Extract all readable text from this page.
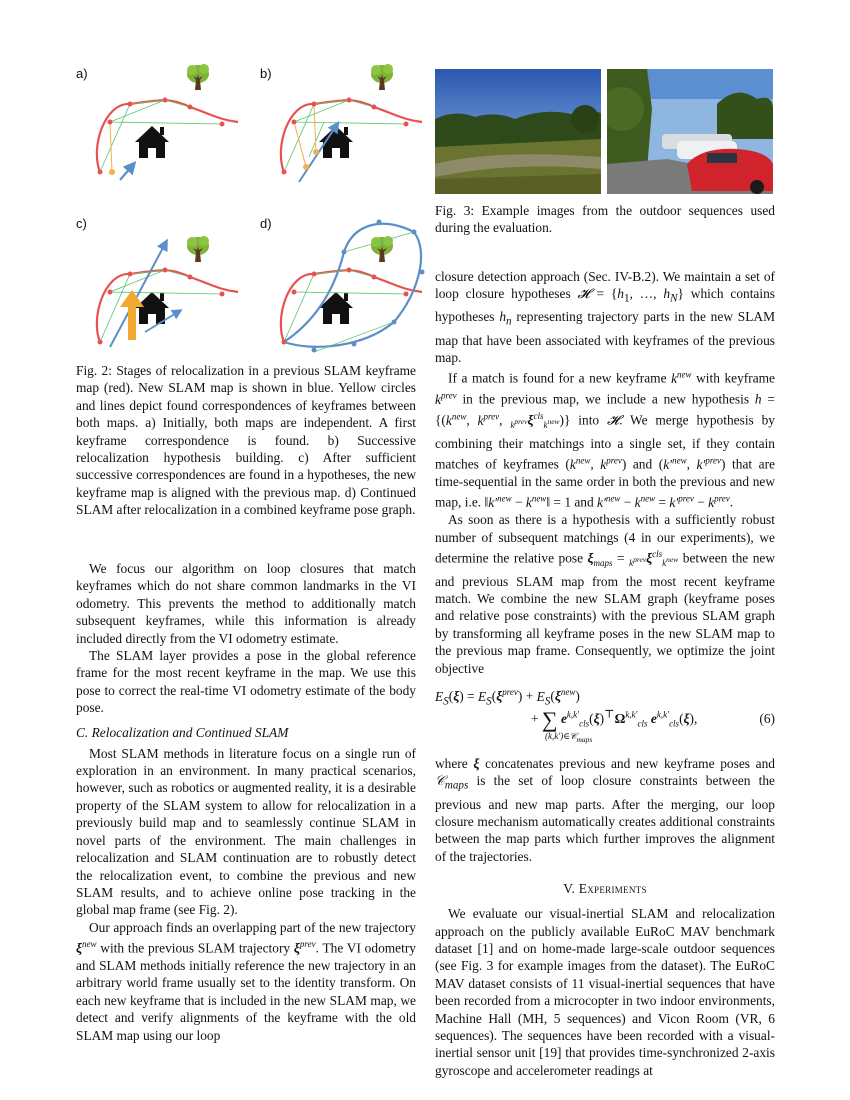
a)	b)
c)	d)

Fig. 2: Stages of relocalization in a previous SLAM keyframe map (red). New SLAM map is shown in blue. Yellow circles and lines depict found correspondences of keyframes between both maps. a) Initially, both maps are independent. A first keyframe correspondence is found. b) Successive relocalization hypothesis building. c) After sufficient successive correspondences are found in a hypotheses, the new keyframe map is aligned with the previous map. d) Continued SLAM after relocalization in a combined keyframe pose graph.

Fig. 3: Example images from the outdoor sequences used during the evaluation.

We focus our algorithm on loop closures that match keyframes which do not share common landmarks in the VI odometry. This prevents the method to additionally match subsequent keyframes, while this information is already included directly from the VI odometry estimate.

The SLAM layer provides a pose in the global reference frame for the most recent keyframe in the map. We use this pose to correct the real-time VI odometry estimate of the body pose.

C. Relocalization and Continued SLAM

Most SLAM methods in literature focus on a single run of exploration in an environment. In many practical scenarios, however, such as robotics or augmented reality, it is a desirable property of the SLAM system to allow for relocalization in a previously build map and to seamlessly continue SLAM in novel parts of the environment. The main challenges in relocalization and SLAM continuation are to robustly detect the relocalization event, to combine the previous and new SLAM results, and to achieve online pose tracking in the global map frame (see Fig. 2).

Our approach finds an overlapping part of the new trajectory $\xi^{new}$ with the previous SLAM trajectory $\xi^{prev}$. The VI odometry and SLAM methods initially reference the new trajectory in an arbitrary world frame usually set to the identity transform. On each new keyframe that is included in the new SLAM map, we detect and verify alignments of the keyframe with the old SLAM map using our loop

closure detection approach (Sec. IV-B.2). We maintain a set of loop closure hypotheses 𝓗 = {$h_1$, …, $h_N$} which contains hypotheses $h_n$ representing trajectory parts in the new SLAM map that have been associated with keyframes of the previous map.

If a match is found for a new keyframe $k^{new}$ with keyframe $k^{prev}$ in the previous map, we include a new hypothesis $h = \{(k^{new}$, $k^{prev}$, $_{k^{prev}}\xi^{cls}_{k^{new}}$)} into 𝓗. We merge hypothesis by combining their matchings into a single set, if they contain matches of keyframes ($k^{new}$, $k^{prev}$) and ($k'^{new}$, $k'^{prev}$) that are time-sequential in the same order in both the previous and new map, i.e. $‖k'^{new}$ − $k^{new}‖ = 1$ and $k'^{new} - k^{new} = k'^{prev} - k^{prev}$.

As soon as there is a hypothesis with a sufficiently robust number of subsequent matchings (4 in our experiments), we determine the relative pose $\xi_{maps} = _{k^{prev}}\xi^{cls}_{k^{new}}$ between the new and previous SLAM map from the most recent keyframe match. We combine the new SLAM graph (keyframe poses and relative pose constraints) with the previous SLAM graph by transforming all keyframe poses in the new SLAM map to the previous map frame. Consequently, we optimize the joint objective

$E_S(\xi) = E_S(\xi^{prev}) + E_S(\xi^{new})$
+ ∑ $e^{k,k'}_{cls}(\xi)^⊤\Omega^{k,k'}_{cls}$ $e^{k,k'}_{cls}(\xi)$,
(k,k′)∈𝒞$_{maps}$
(6)

where ξ concatenates previous and new keyframe poses and 𝒞$_{maps}$ is the set of loop closure constraints between the previous and new map parts. After the merging, our loop closure mechanism automatically creates additional constraints between the map parts which further improves the alignment of the trajectories.

V. Experiments

We evaluate our visual-inertial SLAM and relocalization approach on the publicly available EuRoC MAV benchmark dataset [1] and on home-made large-scale outdoor sequences (see Fig. 3 for example images from the dataset). The EuRoC MAV dataset consists of 11 visual-inertial sequences that have been recorded from a microcopter in two indoor environments, Machine Hall (MH, 5 sequences) and Vicon Room (VR, 6 sequences). The sequences have been recorded with a visual-inertial sensor unit [19] that provides time-synchronized 2-axis gyroscope and accelerometer readings at
